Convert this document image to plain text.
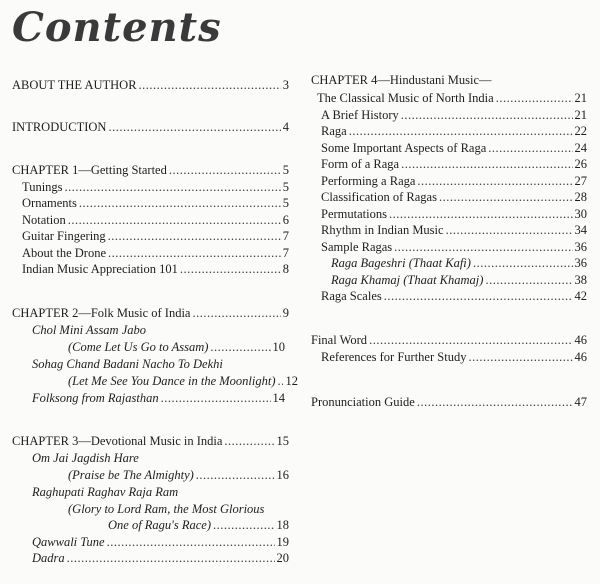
Contents
ABOUT THE AUTHOR .....	3
INTRODUCTION .....	4
CHAPTER 1—Getting Started .....	5
Tunings .....	5
Ornaments .....	5
Notation .....	6
Guitar Fingering .....	7
About the Drone .....	7
Indian Music Appreciation 101 .....	8
CHAPTER 2—Folk Music of India .....	9
Chol Mini Assam Jabo
(Come Let Us Go to Assam) .....	10
Sohag Chand Badani Nacho To Dekhi
(Let Me See You Dance in the Moonlight) ..... 12
Folksong from Rajasthan .....	14
CHAPTER 3—Devotional Music in India .....	15
Om Jai Jagdish Hare
(Praise be The Almighty) .....	16
Raghupati Raghav Raja Ram
(Glory to Lord Ram, the Most Glorious
One of Ragu's Race) .....	18
Qawwali Tune .....	19
Dadra .....	20
CHAPTER 4—Hindustani Music—
The Classical Music of North India .....	21
A Brief History .....	21
Raga .....	22
Some Important Aspects of Raga .....	24
Form of a Raga .....	26
Performing a Raga .....	27
Classification of Ragas .....	28
Permutations .....	30
Rhythm in Indian Music .....	34
Sample Ragas .....	36
Raga Bageshri (Thaat Kafi) .....	36
Raga Khamaj (Thaat Khamaj) .....	38
Raga Scales .....	42
Final Word .....	46
References for Further Study .....	46
Pronunciation Guide .....	47
